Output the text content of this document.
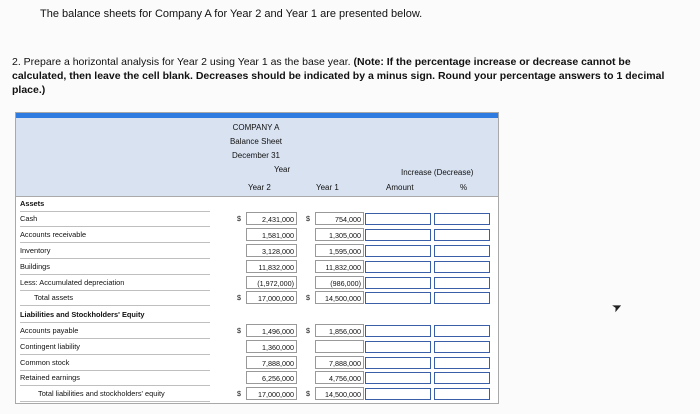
The balance sheets for Company A for Year 2 and Year 1 are presented below.
2. Prepare a horizontal analysis for Year 2 using Year 1 as the base year. (Note: If the percentage increase or decrease cannot be calculated, then leave the cell blank. Decreases should be indicated by a minus sign. Round your percentage answers to 1 decimal place.)
COMPANY A
Balance Sheet
December 31
Year
Year 2	Year 1
Increase (Decrease)
Amount	%
Assets
Cash	$	2,431,000	$	754,000
Accounts receivable	1,581,000	1,305,000
Inventory	3,128,000	1,595,000
Buildings	11,832,000	11,832,000
Less: Accumulated depreciation	(1,972,000)	(986,000)
Total assets	$	17,000,000	$	14,500,000
Liabilities and Stockholders' Equity
Accounts payable	$	1,496,000	$	1,856,000
Contingent liability	1,360,000
Common stock	7,888,000	7,888,000
Retained earnings	6,256,000	4,756,000
Total liabilities and stockholders' equity	$	17,000,000	$	14,500,000
➤
